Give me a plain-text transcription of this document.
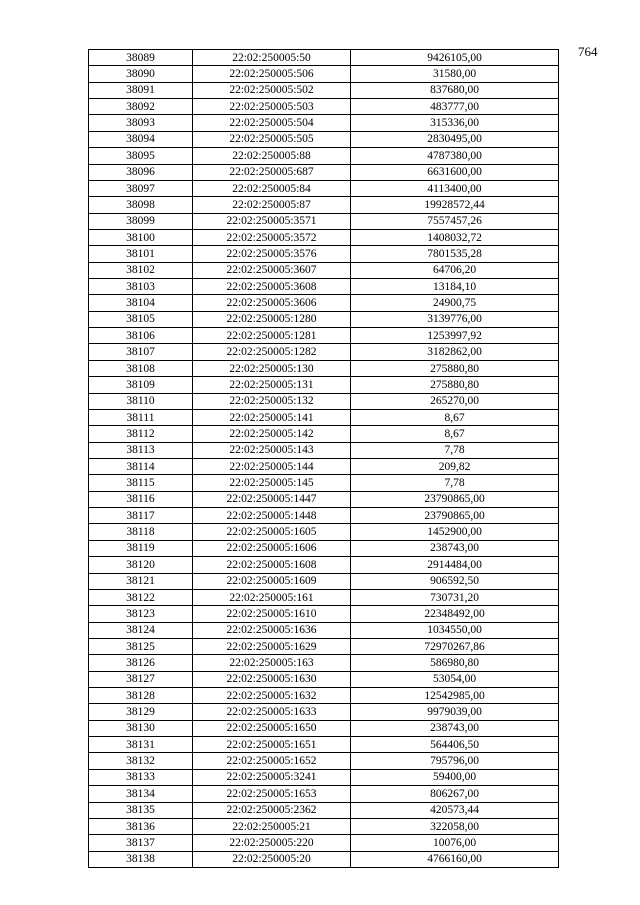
764
38089	22:02:250005:50	9426105,00
38090	22:02:250005:506	31580,00
38091	22:02:250005:502	837680,00
38092	22:02:250005:503	483777,00
38093	22:02:250005:504	315336,00
38094	22:02:250005:505	2830495,00
38095	22:02:250005:88	4787380,00
38096	22:02:250005:687	6631600,00
38097	22:02:250005:84	4113400,00
38098	22:02:250005:87	19928572,44
38099	22:02:250005:3571	7557457,26
38100	22:02:250005:3572	1408032,72
38101	22:02:250005:3576	7801535,28
38102	22:02:250005:3607	64706,20
38103	22:02:250005:3608	13184,10
38104	22:02:250005:3606	24900,75
38105	22:02:250005:1280	3139776,00
38106	22:02:250005:1281	1253997,92
38107	22:02:250005:1282	3182862,00
38108	22:02:250005:130	275880,80
38109	22:02:250005:131	275880,80
38110	22:02:250005:132	265270,00
38111	22:02:250005:141	8,67
38112	22:02:250005:142	8,67
38113	22:02:250005:143	7,78
38114	22:02:250005:144	209,82
38115	22:02:250005:145	7,78
38116	22:02:250005:1447	23790865,00
38117	22:02:250005:1448	23790865,00
38118	22:02:250005:1605	1452900,00
38119	22:02:250005:1606	238743,00
38120	22:02:250005:1608	2914484,00
38121	22:02:250005:1609	906592,50
38122	22:02:250005:161	730731,20
38123	22:02:250005:1610	22348492,00
38124	22:02:250005:1636	1034550,00
38125	22:02:250005:1629	72970267,86
38126	22:02:250005:163	586980,80
38127	22:02:250005:1630	53054,00
38128	22:02:250005:1632	12542985,00
38129	22:02:250005:1633	9979039,00
38130	22:02:250005:1650	238743,00
38131	22:02:250005:1651	564406,50
38132	22:02:250005:1652	795796,00
38133	22:02:250005:3241	59400,00
38134	22:02:250005:1653	806267,00
38135	22:02:250005:2362	420573,44
38136	22:02:250005:21	322058,00
38137	22:02:250005:220	10076,00
38138	22:02:250005:20	4766160,00
